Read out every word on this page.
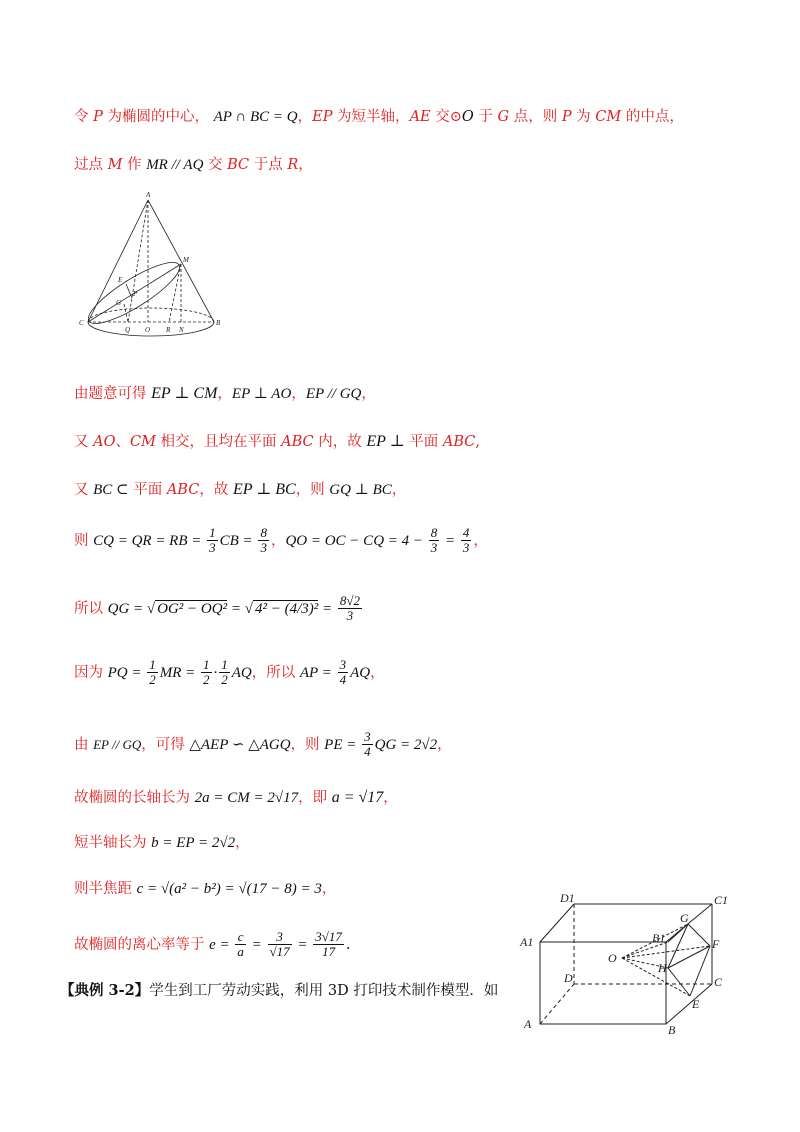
令 P 为椭圆的中心， AP ∩ BC = Q，EP 为短半轴，AE 交⊙O 于 G 点，则 P 为 CM 的中点，
过点 M 作 MR // AQ 交 BC 于点 R，
A
M
E
P
G
C
Q O R N
B
由题意可得 EP ⊥ CM，EP ⊥ AO，EP // GQ，
又 AO、CM 相交，且均在平面 ABC 内，故 EP ⊥ 平面 ABC,
又 BC ⊂ 平面 ABC，故 EP ⊥ BC，则 GQ ⊥ BC，
则 CQ = QR = RB = $\frac{1}{3}$ CB = $\frac{8}{3}$ ，QO = OC − CQ = $4 - \frac{8}{3} = \frac{4}{3}$ ，
所以 QG = √ OG² − OQ² = √ $4^2 - (4/3)^2 = \frac{8√2}{3}$
因为 PQ = $\frac{1}{2}$ MR = $\frac{1}{2} \cdot \frac{1}{2}$ AQ，所以 AP = $\frac{3}{4}$ AQ，
由 EP // GQ，可得 △AEP ∽ △AGQ，则 PE = $\frac{3}{4}$ QG = 2√2，
故椭圆的长轴长为 2a = CM = 2√17，即 a = √17，
短半轴长为 b = EP = 2√2，
则半焦距 c = √(a² − b²) = √(17 − 8) = 3，
故椭圆的离心率等于 $e = \frac{c}{a} = \frac{3}{√17} = \frac{3√17}{17}$ .
【典例 3-2】学生到工厂劳动实践，利用 3D 打印技术制作模型．如
D1	C1
G
B1	F
A1
O
H
D	C
E
A	B
